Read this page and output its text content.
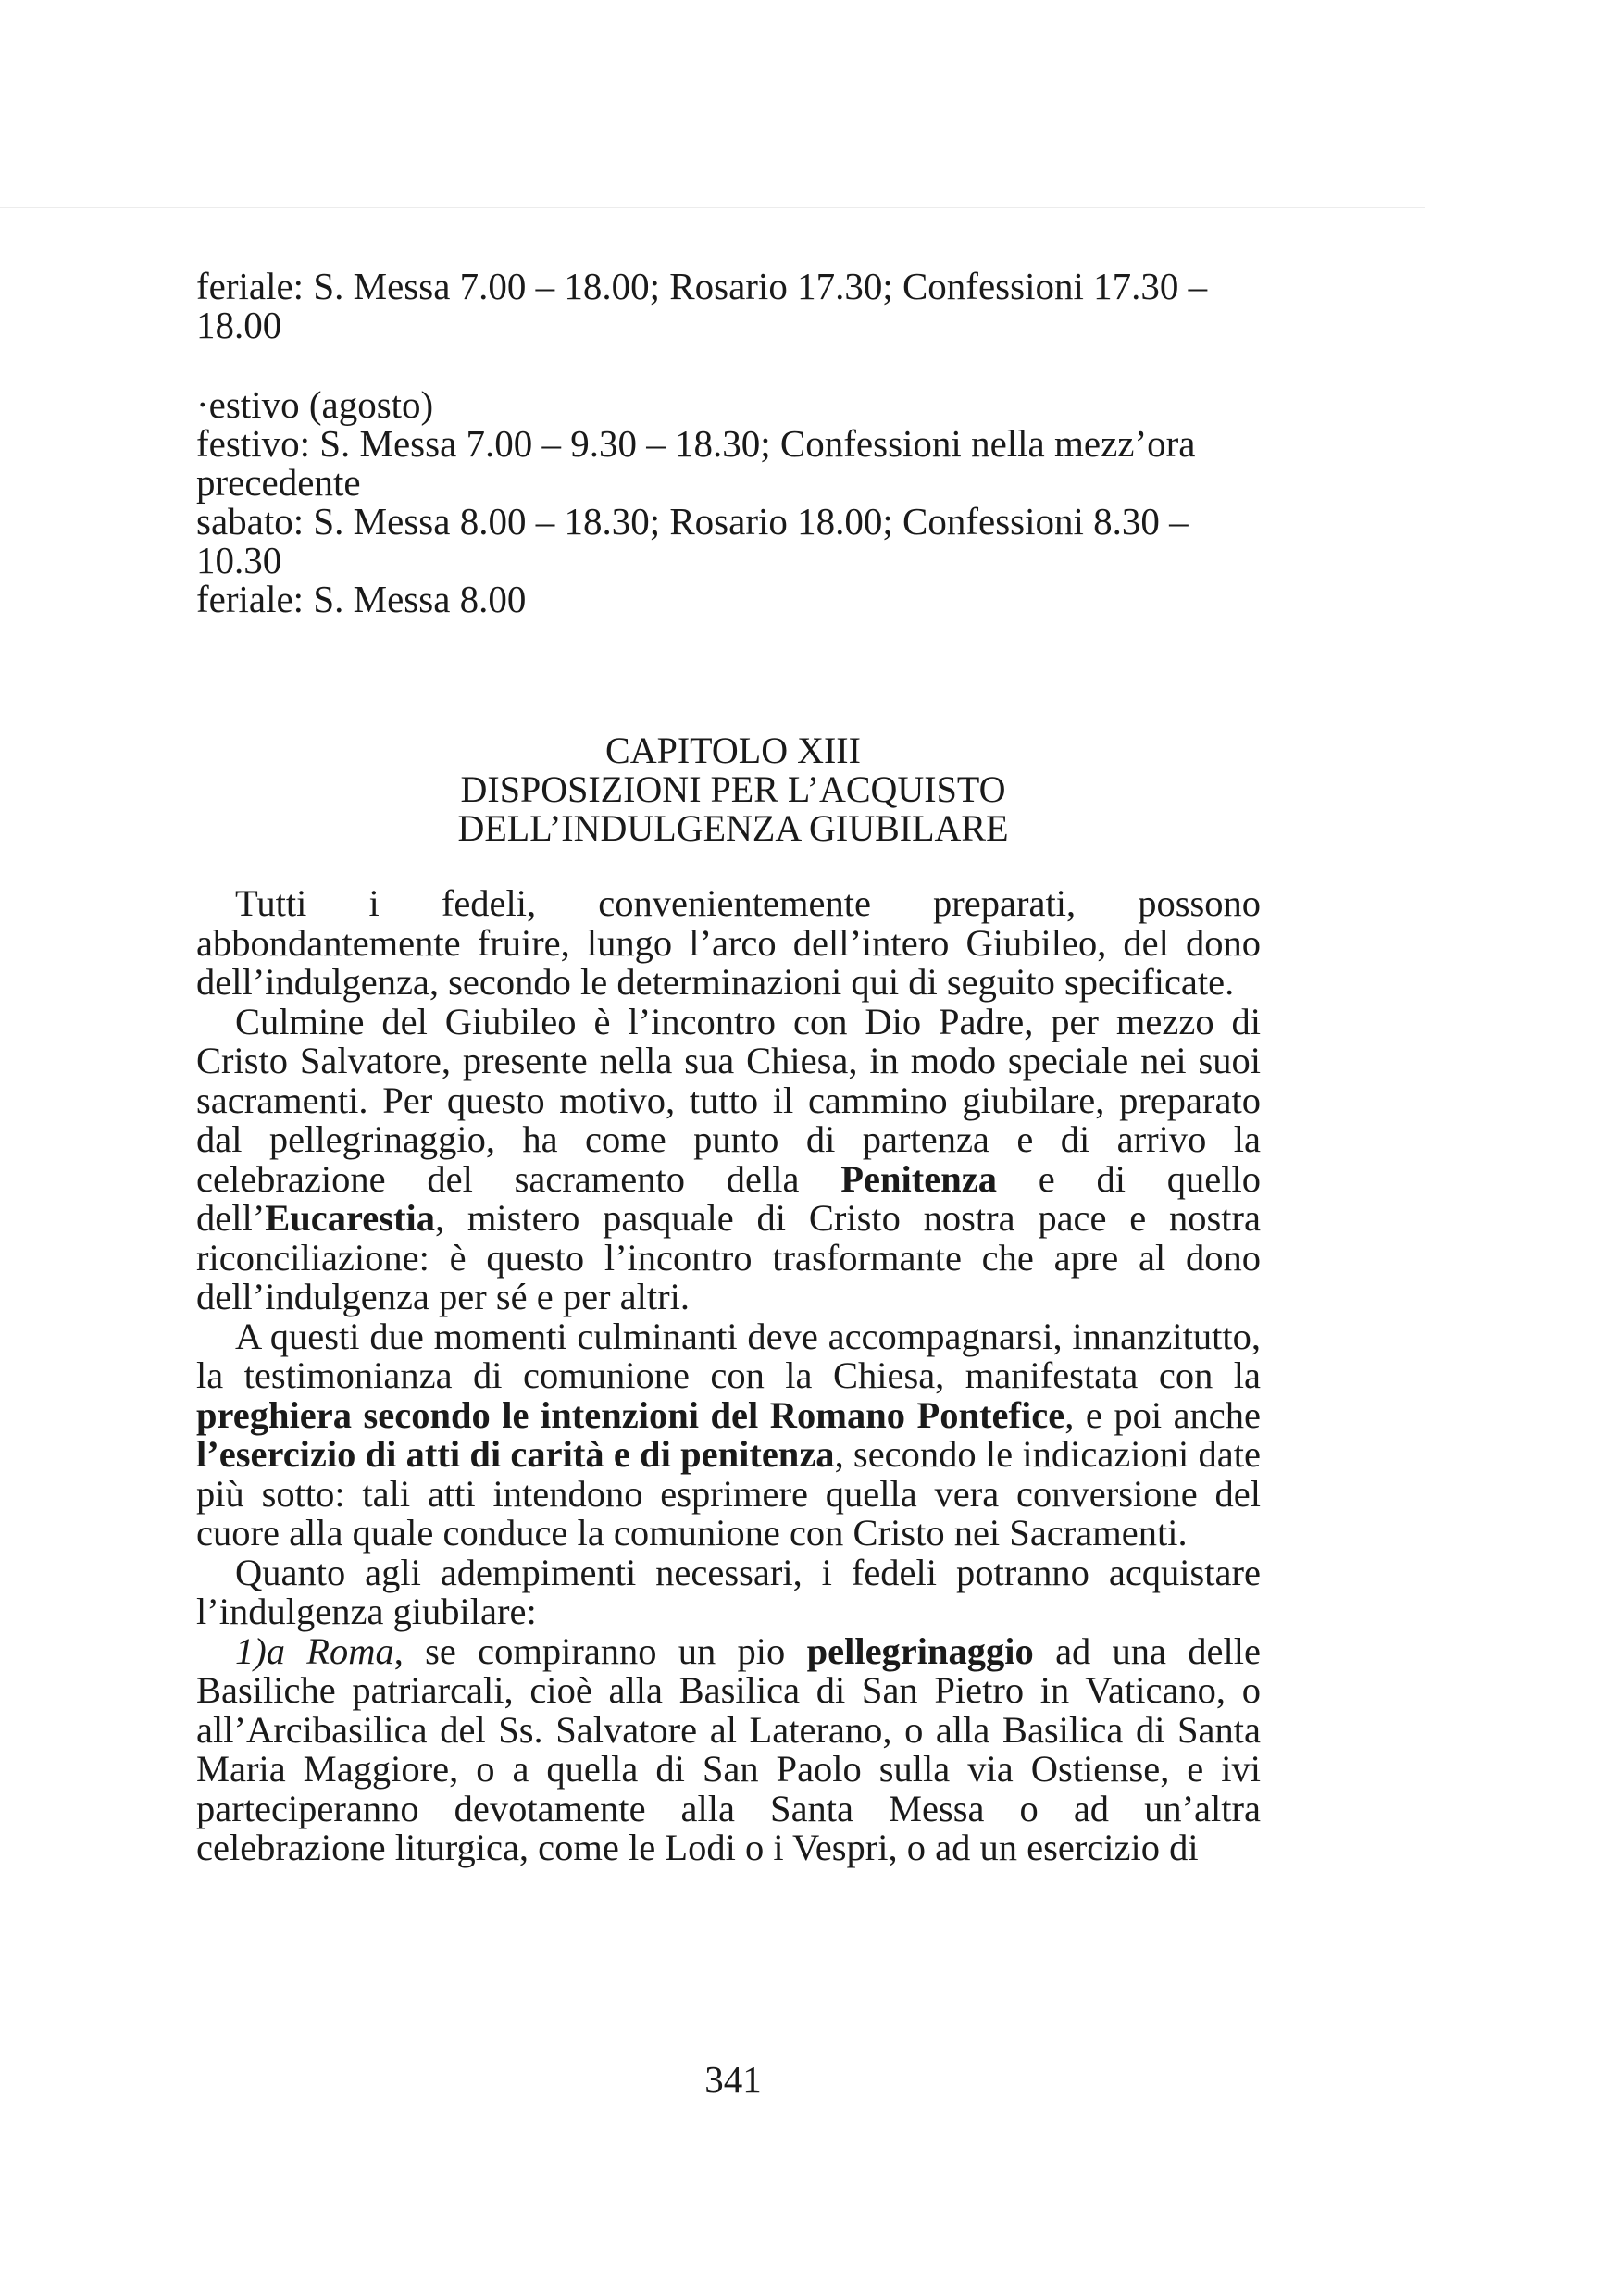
feriale: S. Messa 7.00 – 18.00; Rosario 17.30; Confessioni 17.30 –

18.00

·estivo (agosto)

festivo: S. Messa 7.00 – 9.30 – 18.30; Confessioni nella mezz’ora

precedente

sabato: S. Messa 8.00 – 18.30; Rosario 18.00; Confessioni 8.30 –

10.30

feriale: S. Messa 8.00

CAPITOLO XIII
DISPOSIZIONI PER L’ACQUISTO
DELL’INDULGENZA GIUBILARE

Tutti i fedeli, convenientemente preparati, possono abbondantemente fruire, lungo l’arco dell’intero Giubileo, del dono dell’indulgenza, secondo le determinazioni qui di seguito specificate.

Culmine del Giubileo è l’incontro con Dio Padre, per mezzo di Cristo Salvatore, presente nella sua Chiesa, in modo speciale nei suoi sacramenti. Per questo motivo, tutto il cammino giubilare, preparato dal pellegrinaggio, ha come punto di partenza e di arrivo la celebrazione del sacramento della Penitenza e di quello dell’Eucarestia, mistero pasquale di Cristo nostra pace e nostra riconciliazione: è questo l’incontro trasformante che apre al dono dell’indulgenza per sé e per altri.

A questi due momenti culminanti deve accompagnarsi, innanzitutto, la testimonianza di comunione con la Chiesa, manifestata con la preghiera secondo le intenzioni del Romano Pontefice, e poi anche l’esercizio di atti di carità e di penitenza, secondo le indicazioni date più sotto: tali atti intendono esprimere quella vera conversione del cuore alla quale conduce la comunione con Cristo nei Sacramenti.

Quanto agli adempimenti necessari, i fedeli potranno acquistare l’indulgenza giubilare:

1)a Roma, se compiranno un pio pellegrinaggio ad una delle Basiliche patriarcali, cioè alla Basilica di San Pietro in Vaticano, o all’Arcibasilica del Ss. Salvatore al Laterano, o alla Basilica di Santa Maria Maggiore, o a quella di San Paolo sulla via Ostiense, e ivi parteciperanno devotamente alla Santa Messa o ad un’altra celebrazione liturgica, come le Lodi o i Vespri, o ad un esercizio di

341
